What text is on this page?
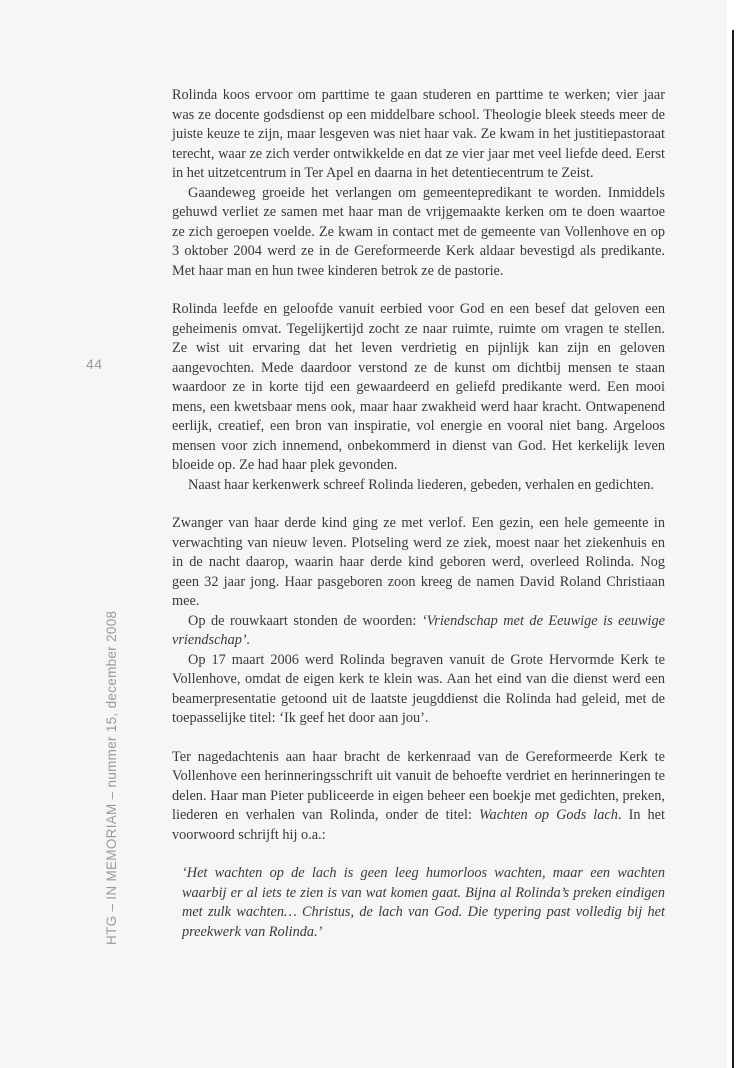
44
HTG – IN MEMORIAM – nummer 15, december 2008

Rolinda koos ervoor om parttime te gaan studeren en parttime te werken; vier jaar was ze docente godsdienst op een middelbare school. Theologie bleek steeds meer de juiste keuze te zijn, maar lesgeven was niet haar vak. Ze kwam in het justitiepastoraat terecht, waar ze zich verder ontwikkelde en dat ze vier jaar met veel liefde deed. Eerst in het uitzetcentrum in Ter Apel en daarna in het detentiecentrum te Zeist.

Gaandeweg groeide het verlangen om gemeentepredikant te worden. Inmiddels gehuwd verliet ze samen met haar man de vrijgemaakte kerken om te doen waartoe ze zich geroepen voelde. Ze kwam in contact met de gemeente van Vollenhove en op 3 oktober 2004 werd ze in de Gereformeerde Kerk aldaar bevestigd als predikante. Met haar man en hun twee kinderen betrok ze de pastorie.

Rolinda leefde en geloofde vanuit eerbied voor God en een besef dat geloven een geheimenis omvat. Tegelijkertijd zocht ze naar ruimte, ruimte om vragen te stellen. Ze wist uit ervaring dat het leven verdrietig en pijnlijk kan zijn en geloven aangevochten. Mede daardoor verstond ze de kunst om dichtbij mensen te staan waardoor ze in korte tijd een gewaardeerd en geliefd predikante werd. Een mooi mens, een kwetsbaar mens ook, maar haar zwakheid werd haar kracht. Ontwapenend eerlijk, creatief, een bron van inspiratie, vol energie en vooral niet bang. Argeloos mensen voor zich innemend, onbekommerd in dienst van God. Het kerkelijk leven bloeide op. Ze had haar plek gevonden.

Naast haar kerkenwerk schreef Rolinda liederen, gebeden, verhalen en gedichten.

Zwanger van haar derde kind ging ze met verlof. Een gezin, een hele gemeente in verwachting van nieuw leven. Plotseling werd ze ziek, moest naar het ziekenhuis en in de nacht daarop, waarin haar derde kind geboren werd, overleed Rolinda. Nog geen 32 jaar jong. Haar pasgeboren zoon kreeg de namen David Roland Christiaan mee.

Op de rouwkaart stonden de woorden: ‘Vriendschap met de Eeuwige is eeuwige vriendschap’.

Op 17 maart 2006 werd Rolinda begraven vanuit de Grote Hervormde Kerk te Vollenhove, omdat de eigen kerk te klein was. Aan het eind van die dienst werd een beamerpresentatie getoond uit de laatste jeugddienst die Rolinda had geleid, met de toepasselijke titel: ‘Ik geef het door aan jou’.

Ter nagedachtenis aan haar bracht de kerkenraad van de Gereformeerde Kerk te Vollenhove een herinneringsschrift uit vanuit de behoefte verdriet en herinneringen te delen. Haar man Pieter publiceerde in eigen beheer een boekje met gedichten, preken, liederen en verhalen van Rolinda, onder de titel: Wachten op Gods lach. In het voorwoord schrijft hij o.a.:

‘Het wachten op de lach is geen leeg humorloos wachten, maar een wachten waarbij er al iets te zien is van wat komen gaat. Bijna al Rolinda’s preken eindigen met zulk wachten… Christus, de lach van God. Die typering past volledig bij het preekwerk van Rolinda.’
